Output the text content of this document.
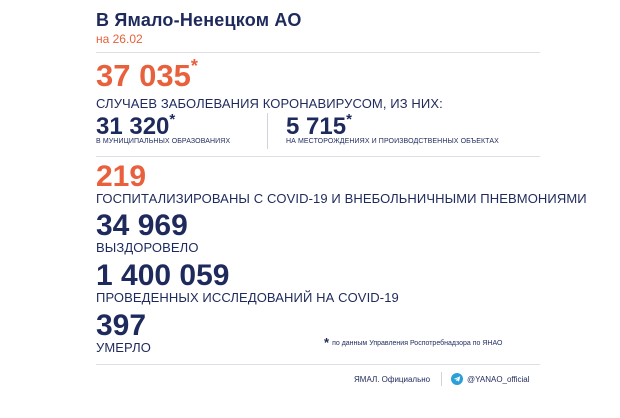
В Ямало-Ненецком АО
на 26.02
37 035*
СЛУЧАЕВ ЗАБОЛЕВАНИЯ КОРОНАВИРУСОМ, ИЗ НИХ:
31 320*
В МУНИЦИПАЛЬНЫХ ОБРАЗОВАНИЯХ
5 715*
НА МЕСТОРОЖДЕНИЯХ И ПРОИЗВОДСТВЕННЫХ ОБЪЕКТАХ
219
ГОСПИТАЛИЗИРОВАНЫ С COVID-19 И ВНЕБОЛЬНИЧНЫМИ ПНЕВМОНИЯМИ
34 969
ВЫЗДОРОВЕЛО
1 400 059
ПРОВЕДЕННЫХ ИССЛЕДОВАНИЙ НА COVID-19
397
УМЕРЛО	* по данным Управления Роспотребнадзора по ЯНАО
ЯМАЛ. Официально	@YANAO_official
